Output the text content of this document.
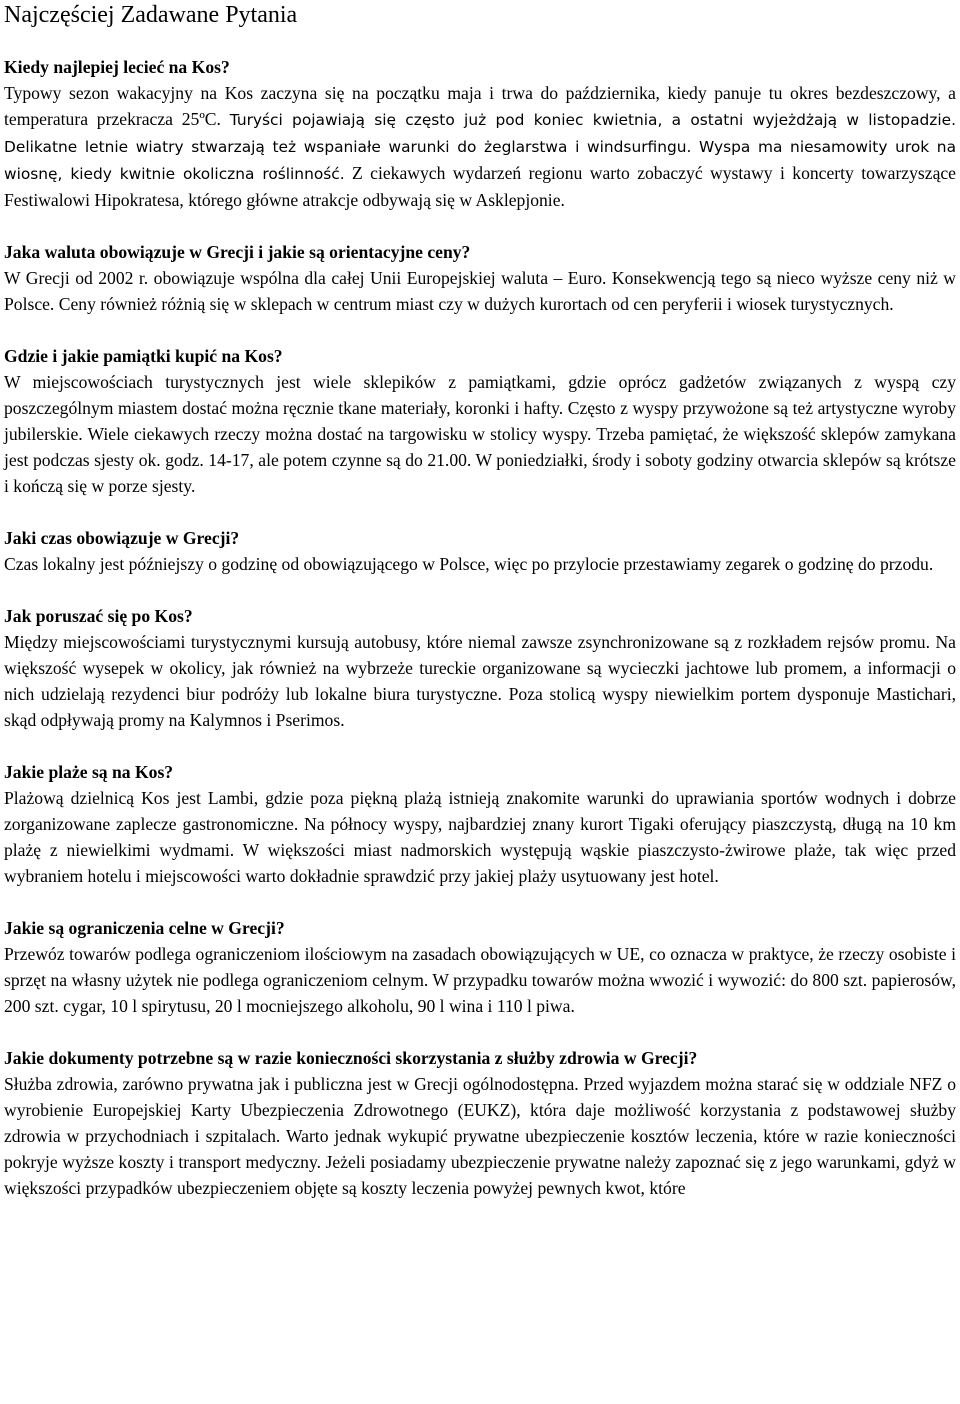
Najczęściej Zadawane Pytania

Kiedy najlepiej lecieć na Kos?

Typowy sezon wakacyjny na Kos zaczyna się na początku maja i trwa do października, kiedy panuje tu okres bezdeszczowy, a temperatura przekracza 25ºC. Turyści pojawiają się często już pod koniec kwietnia, a ostatni wyjeżdżają w listopadzie. Delikatne letnie wiatry stwarzają też wspaniałe warunki do żeglarstwa i windsurfingu. Wyspa ma niesamowity urok na wiosnę, kiedy kwitnie okoliczna roślinność. Z ciekawych wydarzeń regionu warto zobaczyć wystawy i koncerty towarzyszące Festiwalowi Hipokratesa, którego główne atrakcje odbywają się w Asklepjonie.

Jaka waluta obowiązuje w Grecji i jakie są orientacyjne ceny?

W Grecji od 2002 r. obowiązuje wspólna dla całej Unii Europejskiej waluta – Euro. Konsekwencją tego są nieco wyższe ceny niż w Polsce. Ceny również różnią się w sklepach w centrum miast czy w dużych kurortach od cen peryferii i wiosek turystycznych.

Gdzie i jakie pamiątki kupić na Kos?

W miejscowościach turystycznych jest wiele sklepików z pamiątkami, gdzie oprócz gadżetów związanych z wyspą czy poszczególnym miastem dostać można ręcznie tkane materiały, koronki i hafty. Często z wyspy przywożone są też artystyczne wyroby jubilerskie. Wiele ciekawych rzeczy można dostać na targowisku w stolicy wyspy. Trzeba pamiętać, że większość sklepów zamykana jest podczas sjesty ok. godz. 14-17, ale potem czynne są do 21.00. W poniedziałki, środy i soboty godziny otwarcia sklepów są krótsze i kończą się w porze sjesty.

Jaki czas obowiązuje w Grecji?

Czas lokalny jest późniejszy o godzinę od obowiązującego w Polsce, więc po przylocie przestawiamy zegarek o godzinę do przodu.

Jak poruszać się po Kos?

Między miejscowościami turystycznymi kursują autobusy, które niemal zawsze zsynchronizowane są z rozkładem rejsów promu. Na większość wysepek w okolicy, jak również na wybrzeże tureckie organizowane są wycieczki jachtowe lub promem, a informacji o nich udzielają rezydenci biur podróży lub lokalne biura turystyczne. Poza stolicą wyspy niewielkim portem dysponuje Mastichari, skąd odpływają promy na Kalymnos i Pserimos.

Jakie plaże są na Kos?

Plażową dzielnicą Kos jest Lambi, gdzie poza piękną plażą istnieją znakomite warunki do uprawiania sportów wodnych i dobrze zorganizowane zaplecze gastronomiczne. Na północy wyspy, najbardziej znany kurort Tigaki oferujący piaszczystą, długą na 10 km plażę z niewielkimi wydmami. W większości miast nadmorskich występują wąskie piaszczysto-żwirowe plaże, tak więc przed wybraniem hotelu i miejscowości warto dokładnie sprawdzić przy jakiej plaży usytuowany jest hotel.

Jakie są ograniczenia celne w Grecji?

Przewóz towarów podlega ograniczeniom ilościowym na zasadach obowiązujących w UE, co oznacza w praktyce, że rzeczy osobiste i sprzęt na własny użytek nie podlega ograniczeniom celnym. W przypadku towarów można wwozić i wywozić: do 800 szt. papierosów, 200 szt. cygar, 10 l spirytusu, 20 l mocniejszego alkoholu, 90 l wina i 110 l piwa.

Jakie dokumenty potrzebne są w razie konieczności skorzystania z służby zdrowia w Grecji?

Służba zdrowia, zarówno prywatna jak i publiczna jest w Grecji ogólnodostępna. Przed wyjazdem można starać się w oddziale NFZ o wyrobienie Europejskiej Karty Ubezpieczenia Zdrowotnego (EUKZ), która daje możliwość korzystania z podstawowej służby zdrowia w przychodniach i szpitalach. Warto jednak wykupić prywatne ubezpieczenie kosztów leczenia, które w razie konieczności pokryje wyższe koszty i transport medyczny. Jeżeli posiadamy ubezpieczenie prywatne należy zapoznać się z jego warunkami, gdyż w większości przypadków ubezpieczeniem objęte są koszty leczenia powyżej pewnych kwot, które
